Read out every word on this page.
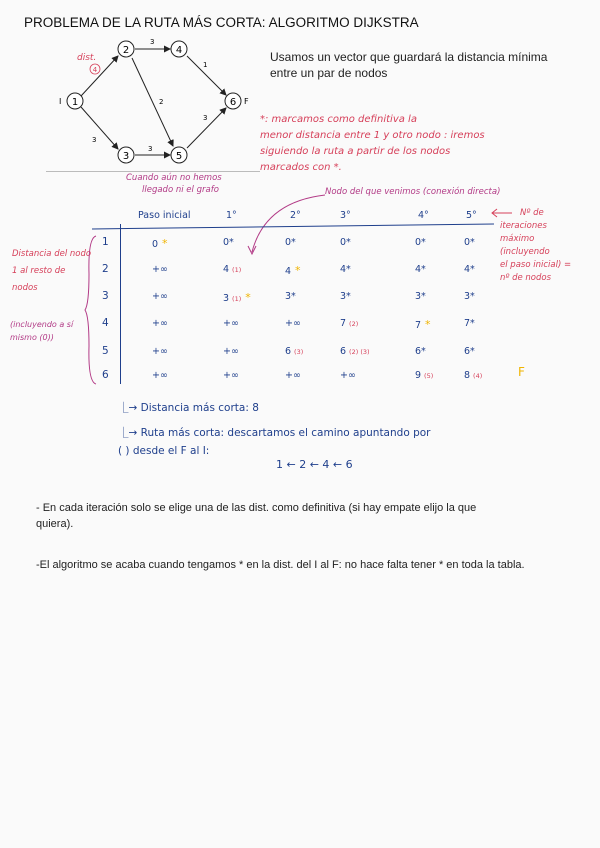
PROBLEMA DE LA RUTA MÁS CORTA: ALGORITMO DIJKSTRA
1
2
3
4
5
6
I	F
3
1
2
3
3
3
dist.
4
Usamos un vector que guardará la distancia mínima entre un par de nodos
*: marcamos como definitiva la
menor distancia entre 1 y otro nodo : iremos
siguiendo la ruta a partir de los nodos
marcados con *.
Cuando aún no hemos
llegado ni el grafo	Nodo del que venimos (conexión directa)
Nº de
iteraciones
máximo
(incluyendo
el paso inicial) =
nº de nodos
Distancia del nodo 1 al resto de nodos
(incluyendo a sí mismo (0))
Paso inicial	1°	2°	3°	4°	5°
1	0 *	0*	0*	0*	0*	0*
2	+∞	4 (1)	4 *	4*	4*	4*
3	+∞	3 (1) *	3*	3*	3*	3*
4	+∞	+∞	+∞	7 (2)	7 *	7*
5	+∞	+∞	6 (3)	6 (2) (3)	6*	6*
6	+∞	+∞	+∞	+∞	9 (5)	8 (4)	F
⎿→ Distancia más corta: 8
⎿→ Ruta más corta: descartamos el camino apuntando por
( ) desde el F al I:
1 ← 2 ← 4 ← 6
- En cada iteración solo se elige una de las dist. como definitiva (si hay empate elijo la que quiera).
-El algoritmo se acaba cuando tengamos * en la dist. del I al F: no hace falta tener * en toda la tabla.
